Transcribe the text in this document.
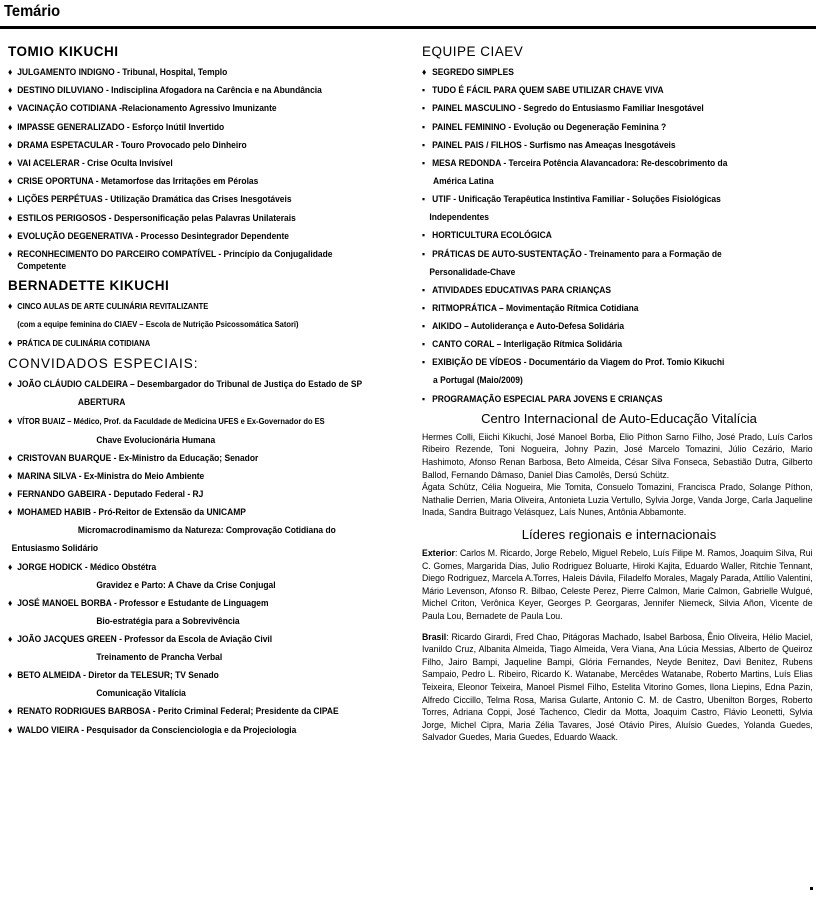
Temário
TOMIO KIKUCHI
♦ JULGAMENTO INDIGNO - Tribunal, Hospital, Templo
♦ DESTINO DILUVIANO - Indisciplina Afogadora na Carência e na Abundância
♦ VACINAÇÃO COTIDIANA -Relacionamento Agressivo Imunizante
♦ IMPASSE GENERALIZADO - Esforço Inútil Invertido
♦ DRAMA ESPETACULAR - Touro Provocado pelo Dinheiro
♦ VAI ACELERAR - Crise Oculta Invisível
♦ CRISE OPORTUNA - Metamorfose das Irritações em Pérolas
♦ LIÇÕES PERPÉTUAS - Utilização Dramática das Crises Inesgotáveis
♦ ESTILOS PERIGOSOS - Despersonificação pelas Palavras Unilaterais
♦ EVOLUÇÃO DEGENERATIVA - Processo Desintegrador Dependente
♦ RECONHECIMENTO DO PARCEIRO COMPATÍVEL - Princípio da Conjugalidade
Competente
BERNADETTE KIKUCHI
♦ CINCO AULAS DE ARTE CULINÁRIA REVITALIZANTE
(com a equipe feminina do CIAEV – Escola de Nutrição Psicossomática Satori)
♦ PRÁTICA DE CULINÁRIA COTIDIANA
CONVIDADOS ESPECIAIS:
♦ JOÃO CLÁUDIO CALDEIRA – Desembargador do Tribunal de Justiça do Estado de SP
ABERTURA
♦ VÍTOR BUAIZ – Médico, Prof. da Faculdade de Medicina UFES e Ex-Governador do ES
Chave Evolucionária Humana
♦ CRISTOVAN BUARQUE - Ex-Ministro da Educação; Senador
♦ MARINA SILVA - Ex-Ministra do Meio Ambiente
♦ FERNANDO GABEIRA - Deputado Federal - RJ
♦ MOHAMED HABIB - Pró-Reitor de Extensão da UNICAMP
Micromacrodinamismo da Natureza: Comprovação Cotidiana do
Entusiasmo Solidário
♦ JORGE HODICK - Médico Obstétra
Gravidez e Parto: A Chave da Crise Conjugal
♦ JOSÉ MANOEL BORBA - Professor e Estudante de Linguagem
Bio-estratégia para a Sobrevivência
♦ JOÃO JACQUES GREEN - Professor da Escola de Aviação Civil
Treinamento de Prancha Verbal
♦ BETO ALMEIDA - Diretor da TELESUR; TV Senado
Comunicação Vitalícia
♦ RENATO RODRIGUES BARBOSA - Perito Criminal Federal; Presidente da CIPAE
♦ WALDO VIEIRA - Pesquisador da Conscienciologia e da Projeciologia
EQUIPE CIAEV
♦ SEGREDO SIMPLES
▪ TUDO É FÁCIL PARA QUEM SABE UTILIZAR CHAVE VIVA
▪ PAINEL MASCULINO - Segredo do Entusiasmo Familiar Inesgotável
▪ PAINEL FEMININO - Evolução ou Degeneração Feminina ?
▪ PAINEL PAIS / FILHOS - Surfismo nas Ameaças Inesgotáveis
▪ MESA REDONDA - Terceira Potência Alavancadora: Re-descobrimento da
América Latina
▪ UTIF - Unificação Terapêutica Instintiva Familiar - Soluções Fisiológicas
Independentes
▪ HORTICULTURA ECOLÓGICA
▪ PRÁTICAS DE AUTO-SUSTENTAÇÃO - Treinamento para a Formação de
Personalidade-Chave
▪ ATIVIDADES EDUCATIVAS PARA CRIANÇAS
▪ RITMOPRÁTICA – Movimentação Rítmica Cotidiana
▪ AIKIDO – Autoliderança e Auto-Defesa Solidária
▪ CANTO CORAL – Interligação Rítmica Solidária
▪ EXIBIÇÃO DE VÍDEOS - Documentário da Viagem do Prof. Tomio Kikuchi
a Portugal (Maio/2009)
▪ PROGRAMAÇÃO ESPECIAL PARA JOVENS E CRIANÇAS
Centro Internacional de Auto-Educação Vitalícia
Hermes Colli, Eiichi Kikuchi, José Manoel Borba, Elio Píthon Sarno Filho, José Prado, Luís Carlos Ribeiro Rezende, Toni Nogueira, Johny Pazin, José Marcelo Tomazini, Júlio Cezário, Mario Hashimoto, Afonso Renan Barbosa, Beto Almeida, César Silva Fonseca, Sebastião Dutra, Gilberto Ballod, Fernando Dâmaso, Daniel Dias Camolês, Dersú Schütz.
Ágata Schütz, Célia Nogueira, Mie Tomita, Consuelo Tomazini, Francisca Prado, Solange Píthon, Nathalie Derrien, Maria Oliveira, Antonieta Luzia Vertullo, Sylvia Jorge, Vanda Jorge, Carla Jaqueline Inada, Sandra Buitrago Velásquez, Laís Nunes, Antônia Abbamonte.
Líderes regionais e internacionais
Exterior: Carlos M. Ricardo, Jorge Rebelo, Miguel Rebelo, Luís Filipe M. Ramos, Joaquim Silva, Rui C. Gomes, Margarida Dias, Julio Rodriguez Boluarte, Hiroki Kajita, Eduardo Waller, Ritchie Tennant, Diego Rodriguez, Marcela A.Torres, Haleis Dávila, Filadelfo Morales, Magaly Parada, Attílio Valentini, Mário Levenson, Afonso R. Bilbao, Celeste Perez, Pierre Calmon, Marie Calmon, Gabrielle Wulgué, Michel Criton, Verônica Keyer, Georges P. Georgaras, Jennifer Niemeck, Silvia Añon, Vicente de Paula Lou, Bernadete de Paula Lou.
Brasil: Ricardo Girardi, Fred Chao, Pitágoras Machado, Isabel Barbosa, Ênio Oliveira, Hélio Maciel, Ivanildo Cruz, Albanita Almeida, Tiago Almeida, Vera Viana, Ana Lúcia Messias, Alberto de Queiroz Filho, Jairo Bampi, Jaqueline Bampi, Glória Fernandes, Neyde Benitez, Davi Benitez, Rubens Sampaio, Pedro L. Ribeiro, Ricardo K. Watanabe, Mercêdes Watanabe, Roberto Martins, Luís Elias Teixeira, Eleonor Teixeira, Manoel Pismel Filho, Estelita Vitorino Gomes, Ilona Liepins, Edna Pazin, Alfredo Ciccillo, Telma Rosa, Marisa Gularte, Antonio C. M. de Castro, Ubenilton Borges, Roberto Torres, Adriana Coppi, José Tachenco, Cledir da Motta, Joaquim Castro, Flávio Leonetti, Sylvia Jorge, Michel Cipra, Maria Zélia Tavares, José Otávio Pires, Aluísio Guedes, Yolanda Guedes, Salvador Guedes, Maria Guedes, Eduardo Waack.
